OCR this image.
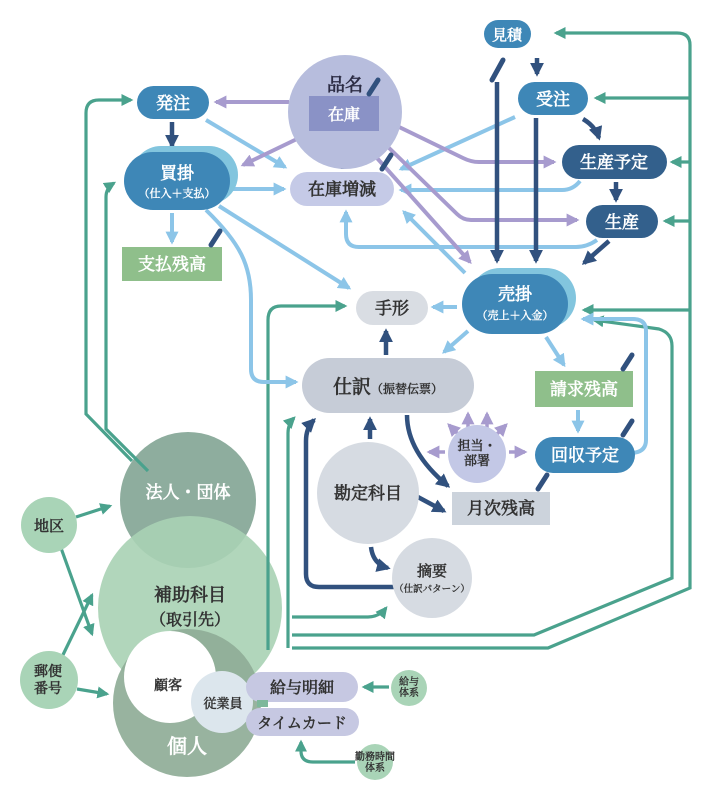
見積
品名
在庫
発注	受注
生産予定
生産
買掛
（仕入＋支払）	在庫増減
支払残高
手形
売掛
（売上＋入金）
仕訳（振替伝票）	請求残高
担当・
部署	回収予定
勘定科目
月次残高
摘要
（仕訳パターン）
法人・団体
地区
補助科目
（取引先）
郵便
番号	顧客
個人
従業員
給与明細
タイムカード
給与
体系
勤務時間
体系
